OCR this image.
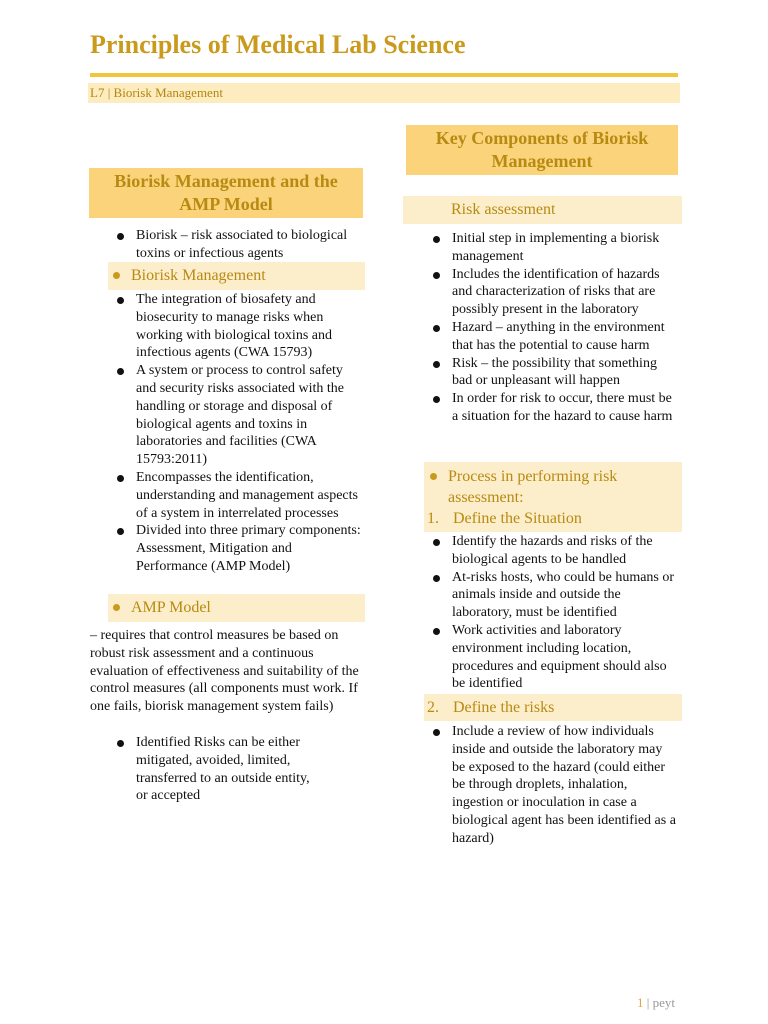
Principles of Medical Lab Science
L7 | Biorisk Management
Biorisk Management and the AMP Model
Biorisk – risk associated to biological toxins or infectious agents
Biorisk Management
The integration of biosafety and biosecurity to manage risks when working with biological toxins and infectious agents (CWA 15793)
A system or process to control safety and security risks associated with the handling or storage and disposal of biological agents and toxins in laboratories and facilities (CWA 15793:2011)
Encompasses the identification, understanding and management aspects of a system in interrelated processes
Divided into three primary components: Assessment, Mitigation and Performance (AMP Model)
AMP Model
– requires that control measures be based on robust risk assessment and a continuous evaluation of effectiveness and suitability of the control measures (all components must work. If one fails, biorisk management system fails)
Identified Risks can be either mitigated, avoided, limited, transferred to an outside entity, or accepted
Key Components of Biorisk Management
Risk assessment
Initial step in implementing a biorisk management
Includes the identification of hazards and characterization of risks that are possibly present in the laboratory
Hazard – anything in the environment that has the potential to cause harm
Risk – the possibility that something bad or unpleasant will happen
In order for risk to occur, there must be a situation for the hazard to cause harm
Process in performing risk assessment:
1. Define the Situation
Identify the hazards and risks of the biological agents to be handled
At-risks hosts, who could be humans or animals inside and outside the laboratory, must be identified
Work activities and laboratory environment including location, procedures and equipment should also be identified
2. Define the risks
Include a review of how individuals inside and outside the laboratory may be exposed to the hazard (could either be through droplets, inhalation, ingestion or inoculation in case a biological agent has been identified as a hazard)
1 | peyt
